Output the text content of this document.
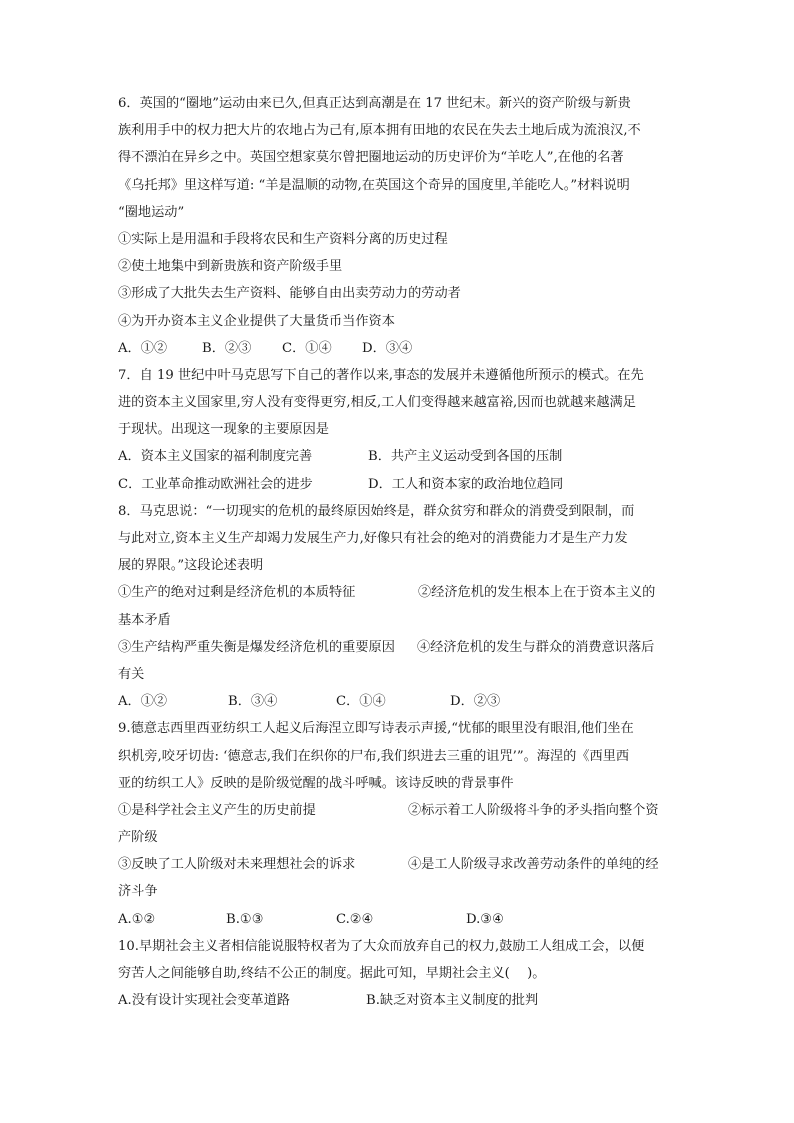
6．英国的“圈地”运动由来已久,但真正达到高潮是在 17 世纪末。新兴的资产阶级与新贵
族利用手中的权力把大片的农地占为己有,原本拥有田地的农民在失去土地后成为流浪汉,不
得不漂泊在异乡之中。英国空想家莫尔曾把圈地运动的历史评价为“羊吃人”,在他的名著
《乌托邦》里这样写道: “羊是温顺的动物,在英国这个奇异的国度里,羊能吃人。”材料说明
“圈地运动”
①实际上是用温和手段将农民和生产资料分离的历史过程
②使土地集中到新贵族和资产阶级手里
③形成了大批失去生产资料、能够自由出卖劳动力的劳动者
④为开办资本主义企业提供了大量货币当作资本
A．①②	B．②③	C．①④	D．③④
7．自 19 世纪中叶马克思写下自己的著作以来,事态的发展并未遵循他所预示的模式。在先
进的资本主义国家里,穷人没有变得更穷,相反,工人们变得越来越富裕,因而也就越来越满足
于现状。出现这一现象的主要原因是
A．资本主义国家的福利制度完善	B．共产主义运动受到各国的压制
C．工业革命推动欧洲社会的进步	D．工人和资本家的政治地位趋同
8．马克思说：“一切现实的危机的最终原因始终是，群众贫穷和群众的消费受到限制，而
与此对立,资本主义生产却竭力发展生产力,好像只有社会的绝对的消费能力才是生产力发
展的界限。”这段论述表明
①生产的绝对过剩是经济危机的本质特征	②经济危机的发生根本上在于资本主义的
基本矛盾
③生产结构严重失衡是爆发经济危机的重要原因	④经济危机的发生与群众的消费意识落后
有关
A．①②	B．③④	C．①④	D．②③
9.德意志西里西亚纺织工人起义后海涅立即写诗表示声援,“忧郁的眼里没有眼泪,他们坐在
织机旁,咬牙切齿: ‘德意志,我们在织你的尸布,我们织进去三重的诅咒’”。海涅的《西里西
亚的纺织工人》反映的是阶级觉醒的战斗呼喊。该诗反映的背景事件
①是科学社会主义产生的历史前提	②标示着工人阶级将斗争的矛头指向整个资
产阶级
③反映了工人阶级对未来理想社会的诉求	④是工人阶级寻求改善劳动条件的单纯的经
济斗争
A.①②	B.①③	C.②④	D.③④
10.早期社会主义者相信能说服特权者为了大众而放弃自己的权力,鼓励工人组成工会，以便
穷苦人之间能够自助,终结不公正的制度。据此可知，早期社会主义(　 )。
A.没有设计实现社会变革道路	B.缺乏对资本主义制度的批判
